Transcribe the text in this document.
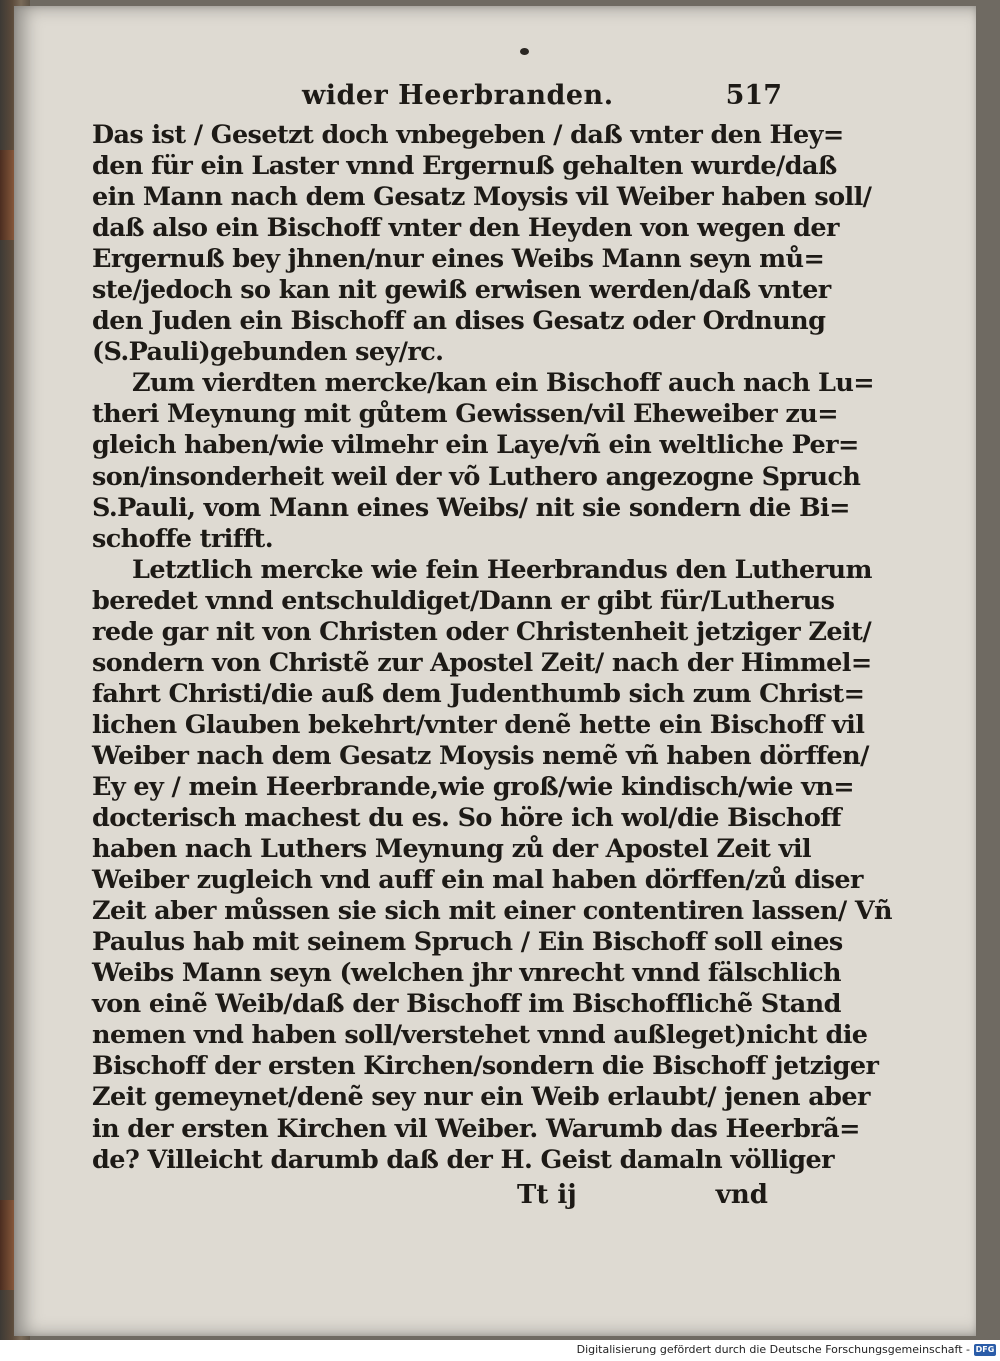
wider Heerbranden.	517
Das ist / Gesetzt doch vnbegeben / daß vnter den Hey=
den für ein Laster vnnd Ergernuß gehalten wurde/daß
ein Mann nach dem Gesatz Moysis vil Weiber haben soll/
daß also ein Bischoff vnter den Heyden von wegen der
Ergernuß bey jhnen/nur eines Weibs Mann seyn mů=
ste/jedoch so kan nit gewiß erwisen werden/daß vnter
den Juden ein Bischoff an dises Gesatz oder Ordnung
(S.Pauli)gebunden sey/rc.
Zum vierdten mercke/kan ein Bischoff auch nach Lu=
theri Meynung mit gůtem Gewissen/vil Eheweiber zu=
gleich haben/wie vilmehr ein Laye/vñ ein weltliche Per=
son/insonderheit weil der võ Luthero angezogne Spruch
S.Pauli, vom Mann eines Weibs/ nit sie sondern die Bi=
schoffe trifft.
Letztlich mercke wie fein Heerbrandus den Lutherum
beredet vnnd entschuldiget/Dann er gibt für/Lutherus
rede gar nit von Christen oder Christenheit jetziger Zeit/
sondern von Christẽ zur Apostel Zeit/ nach der Himmel=
fahrt Christi/die auß dem Judenthumb sich zum Christ=
lichen Glauben bekehrt/vnter denẽ hette ein Bischoff vil
Weiber nach dem Gesatz Moysis nemẽ vñ haben dörffen/
Ey ey / mein Heerbrande,wie groß/wie kindisch/wie vn=
docterisch machest du es. So höre ich wol/die Bischoff
haben nach Luthers Meynung zů der Apostel Zeit vil
Weiber zugleich vnd auff ein mal haben dörffen/zů diser
Zeit aber můssen sie sich mit einer contentiren lassen/ Vñ
Paulus hab mit seinem Spruch / Ein Bischoff soll eines
Weibs Mann seyn (welchen jhr vnrecht vnnd fälschlich
von einẽ Weib/daß der Bischoff im Bischofflichẽ Stand
nemen vnd haben soll/verstehet vnnd außleget)nicht die
Bischoff der ersten Kirchen/sondern die Bischoff jetziger
Zeit gemeynet/denẽ sey nur ein Weib erlaubt/ jenen aber
in der ersten Kirchen vil Weiber. Warumb das Heerbrã=
de? Villeicht darumb daß der H. Geist damaln völliger
Tt ij	vnd
Digitalisierung gefördert durch die Deutsche Forschungsgemeinschaft - DFG
